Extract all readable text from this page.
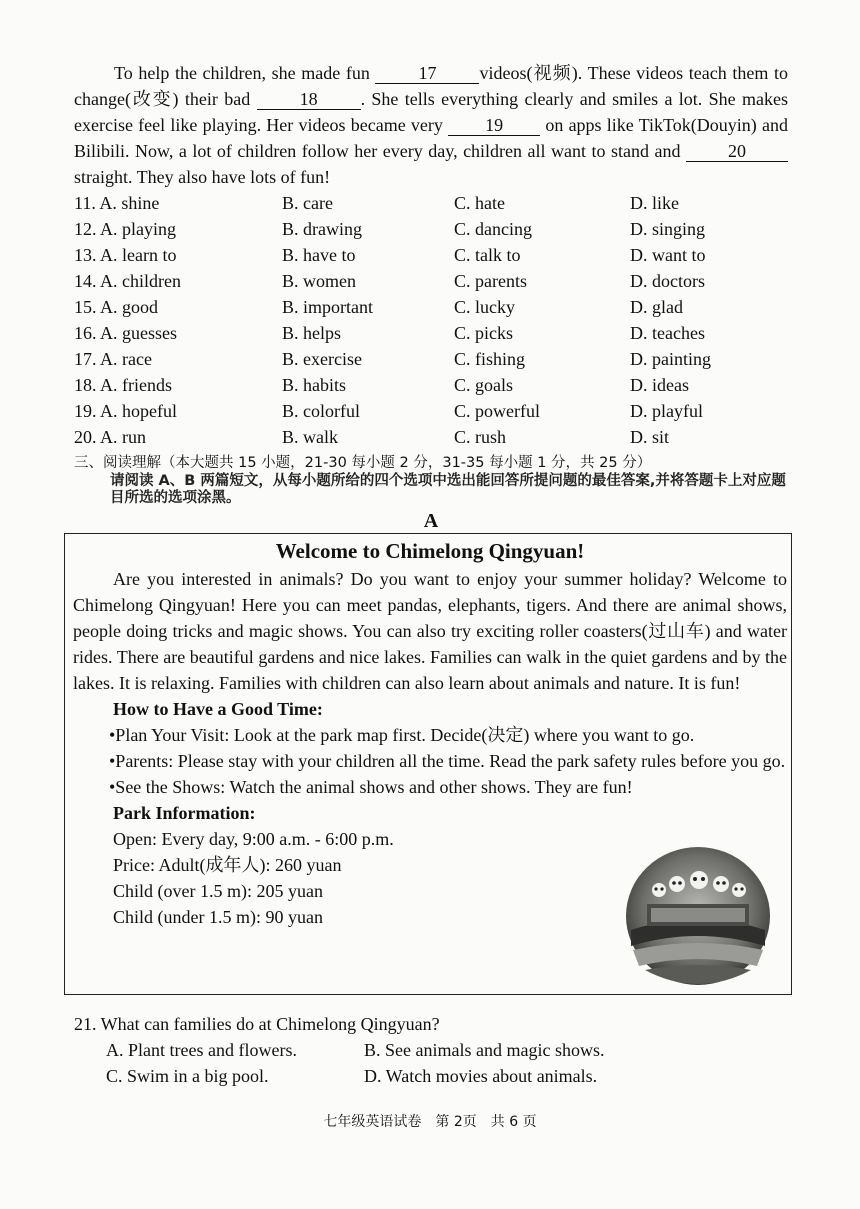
To help the children, she made fun 17 videos(视频). These videos teach them to change(改变) their bad 18 . She tells everything clearly and smiles a lot. She makes exercise feel like playing. Her videos became very 19 on apps like TikTok(Douyin) and Bilibili. Now, a lot of children follow her every day, children all want to stand and 20 straight. They also have lots of fun!

11. A. shine	B. care	C. hate	D. like
12. A. playing	B. drawing	C. dancing	D. singing
13. A. learn to	B. have to	C. talk to	D. want to
14. A. children	B. women	C. parents	D. doctors
15. A. good	B. important	C. lucky	D. glad
16. A. guesses	B. helps	C. picks	D. teaches
17. A. race	B. exercise	C. fishing	D. painting
18. A. friends	B. habits	C. goals	D. ideas
19. A. hopeful	B. colorful	C. powerful	D. playful
20. A. run	B. walk	C. rush	D. sit
三、阅读理解（本大题共 15 小题，21-30 每小题 2 分，31-35 每小题 1 分，共 25 分）
请阅读 A、B 两篇短文，从每小题所给的四个选项中选出能回答所提问题的最佳答案,并将答题卡上对应题目所选的选项涂黑。
A
Welcome to Chimelong Qingyuan!

Are you interested in animals? Do you want to enjoy your summer holiday? Welcome to Chimelong Qingyuan! Here you can meet pandas, elephants, tigers. And there are animal shows, people doing tricks and magic shows. You can also try exciting roller coasters(过山车) and water rides. There are beautiful gardens and nice lakes. Families can walk in the quiet gardens and by the lakes. It is relaxing. Families with children can also learn about animals and nature. It is fun!

How to Have a Good Time:

•Plan Your Visit: Look at the park map first. Decide(决定) where you want to go.

•Parents: Please stay with your children all the time. Read the park safety rules before you go.

•See the Shows: Watch the animal shows and other shows. They are fun!

Park Information:
Open: Every day, 9:00 a.m. - 6:00 p.m.
Price: Adult(成年人): 260 yuan
Child (over 1.5 m): 205 yuan
Child (under 1.5 m): 90 yuan
21. What can families do at Chimelong Qingyuan?
A. Plant trees and flowers.	B. See animals and magic shows.
C. Swim in a big pool.	D. Watch movies about animals.
七年级英语试卷　第 2页　共 6 页
